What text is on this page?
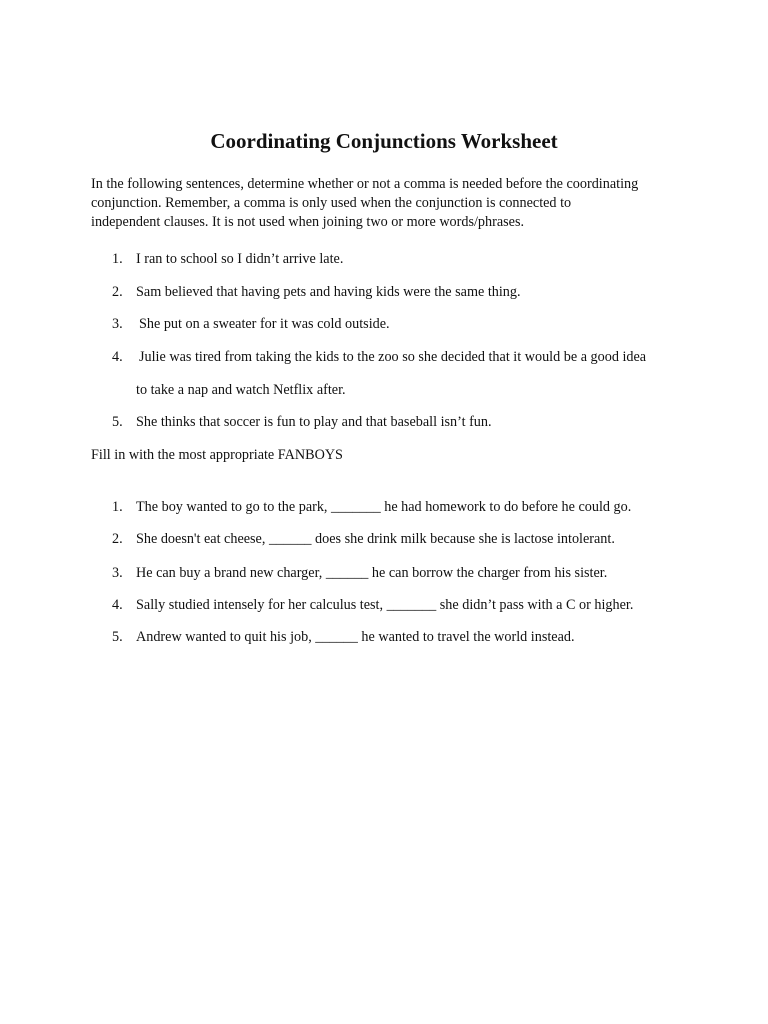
Coordinating Conjunctions Worksheet
In the following sentences, determine whether or not a comma is needed before the coordinating
conjunction. Remember, a comma is only used when the conjunction is connected to
independent clauses. It is not used when joining two or more words/phrases.
1. I ran to school so I didn’t arrive late.
2. Sam believed that having pets and having kids were the same thing.
3.	She put on a sweater for it was cold outside.
4.	Julie was tired from taking the kids to the zoo so she decided that it would be a good idea
to take a nap and watch Netflix after.
5. She thinks that soccer is fun to play and that baseball isn’t fun.
Fill in with the most appropriate FANBOYS
1. The boy wanted to go to the park, _______ he had homework to do before he could go.
2. She doesn't eat cheese, ______ does she drink milk because she is lactose intolerant.
3. He can buy a brand new charger, ______ he can borrow the charger from his sister.
4. Sally studied intensely for her calculus test, _______ she didn’t pass with a C or higher.
5. Andrew wanted to quit his job, ______ he wanted to travel the world instead.
